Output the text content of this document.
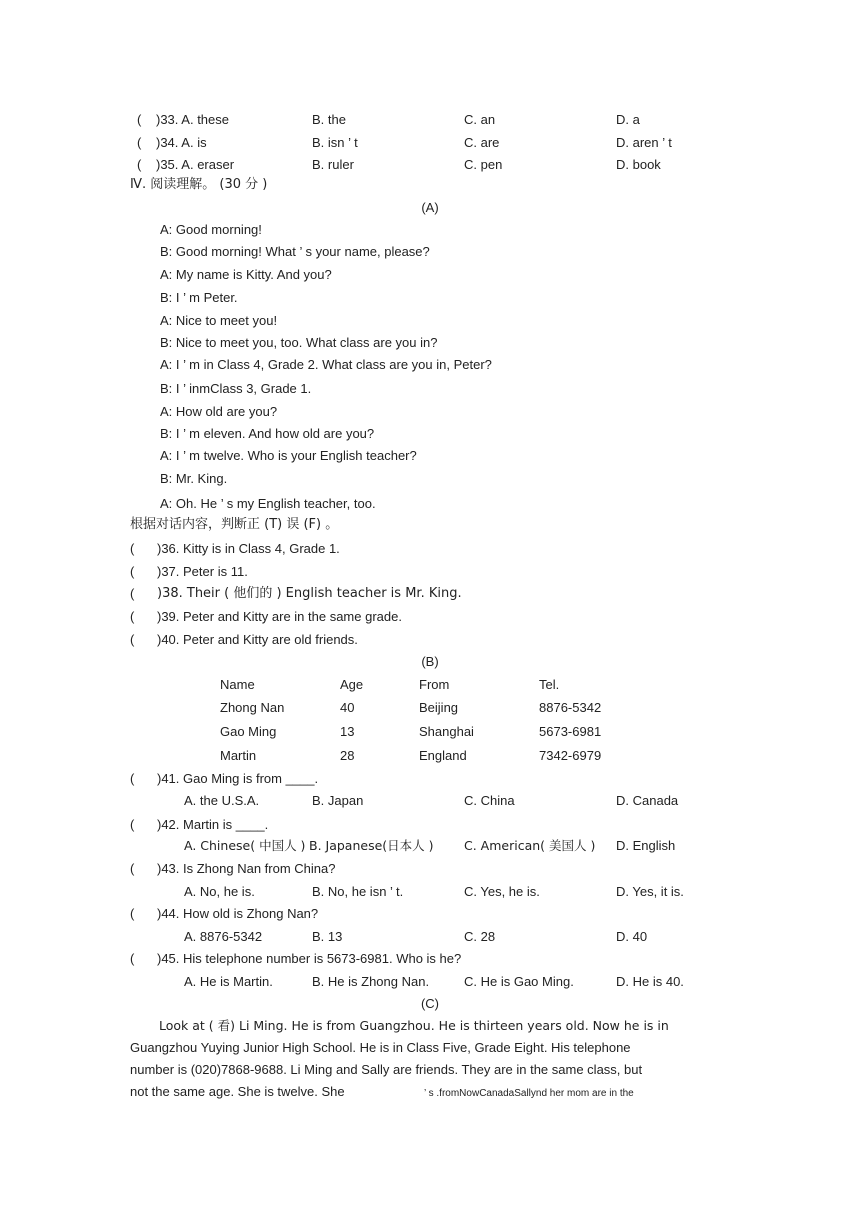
( )33. A. these	B. the	C. an	D. a
( )34. A. is	B. isn ’ t	C. are	D. aren ’ t
( )35. A. eraser	B. ruler	C. pen	D. book
Ⅳ. 阅读理解。 (30 分 )
(A)
A: Good morning!
B: Good morning! What ’ s your name, please?
A: My name is Kitty. And you?
B: I ’ m Peter.
A: Nice to meet you!
B: Nice to meet you, too. What class are you in?
A: I ’ m in Class 4, Grade 2. What class are you in, Peter?
B: I ’ inmClass 3, Grade 1.
A: How old are you?
B: I ’ m eleven. And how old are you?
A: I ’ m twelve. Who is your English teacher?
B: Mr. King.
A: Oh. He ’ s my English teacher, too.
根据对话内容，判断正 (T) 误 (F) 。
( )36. Kitty is in Class 4, Grade 1.
( )37. Peter is 11.
( )38. Their ( 他们的 ) English teacher is Mr. King.
( )39. Peter and Kitty are in the same grade.
( )40. Peter and Kitty are old friends.
(B)
Name	Age	From	Tel.
Zhong Nan	40	Beijing	8876-5342
Gao Ming	13	Shanghai	5673-6981
Martin	28	England	7342-6979
( )41. Gao Ming is from ____.
A. the U.S.A.	B. Japan	C. China	D. Canada
( )42. Martin is ____.
A. Chinese( 中国人 ) B. Japanese(日本人 ) C. American( 美国人 ) D. English
( )43. Is Zhong Nan from China?
A. No, he is.	B. No, he isn ’ t.	C. Yes, he is.	D. Yes, it is.
( )44. How old is Zhong Nan?
A. 8876-5342	B. 13	C. 28	D. 40
( )45. His telephone number is 5673-6981. Who is he?
A. He is Martin.	B. He is Zhong Nan.	C. He is Gao Ming.	D. He is 40.
(C)
Look at ( 看) Li Ming. He is from Guangzhou. He is thirteen years old. Now he is in
Guangzhou Yuying Junior High School. He is in Class Five, Grade Eight. His telephone
number is (020)7868-9688. Li Ming and Sally are friends. They are in the same class, but
not the same age. She is twelve. She	’ s .fromNowCanadaSallynd her mom are in the
